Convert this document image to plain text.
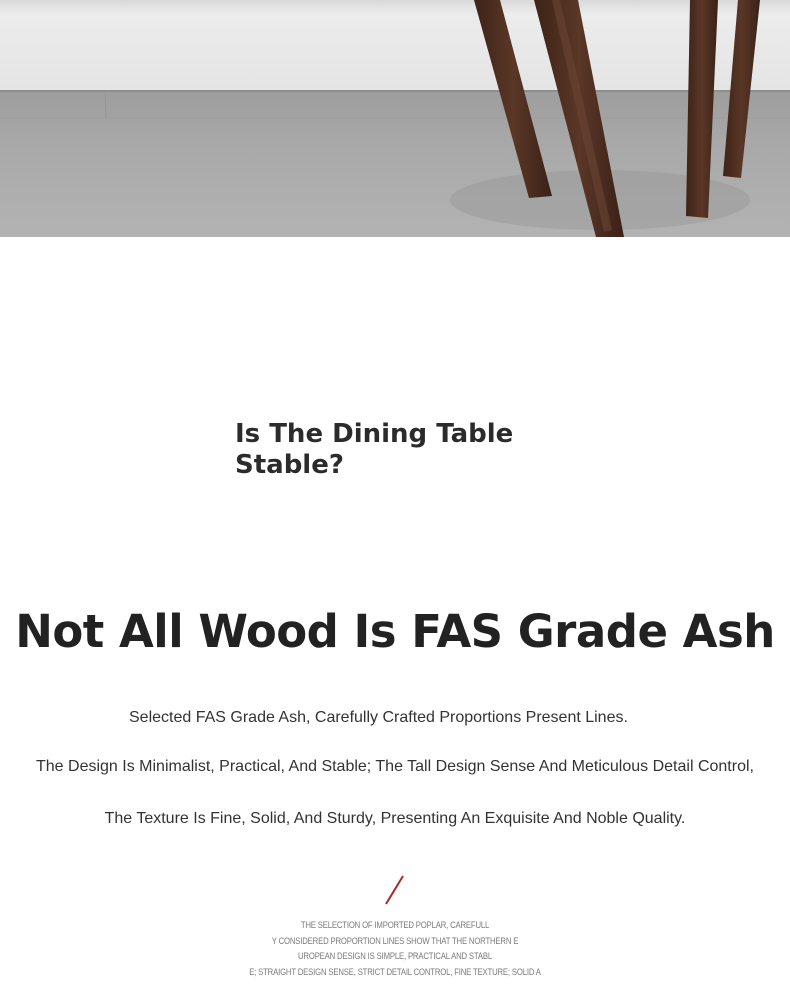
Is The Dining Table
Stable?
Not All Wood Is FAS Grade Ash

Selected FAS Grade Ash, Carefully Crafted Proportions Present Lines.

The Design Is Minimalist, Practical, And Stable; The Tall Design Sense And Meticulous Detail Control,

The Texture Is Fine, Solid, And Sturdy, Presenting An Exquisite And Noble Quality.

THE SELECTION OF IMPORTED POPLAR, CAREFULL

Y CONSIDERED PROPORTION LINES SHOW THAT THE NORTHERN E

UROPEAN DESIGN IS SIMPLE, PRACTICAL AND STABL

E; STRAIGHT DESIGN SENSE, STRICT DETAIL CONTROL, FINE TEXTURE; SOLID A
